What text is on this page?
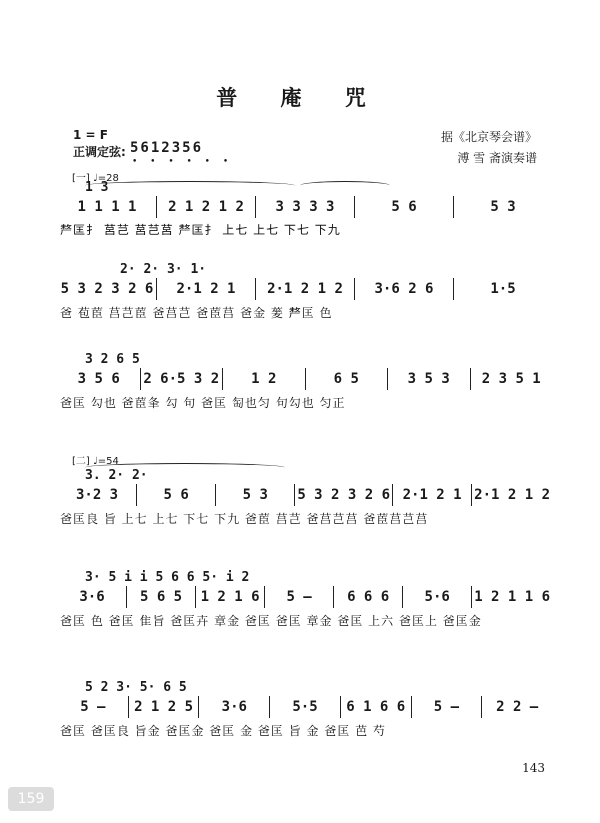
普 庵 咒
1 = F
正调定弦: 5612356
• • • • • •
据《北京琴会谱》
溥 雪 斋演奏谱
[一] ♩=28
[二] ♩=54
1 3
1 1 1 1	2 1 2 1 2	3 3 3 3	5 6	5 3
𠩺匡扌 莒芑 莒芑莒 𠩺匡扌 上七 上七 下七 下九
2· 2· 3· 1·
5 3 2 3 2 6	2·1 2 1	2·1 2 1 2	3·6 2 6	1·5
爸 苞茞 莒芑茞 爸莒芑 爸茞莒 爸金 蓌 𠩺匡 色
3 2 6 5
3 5 6	2 6·5 3 2	1 2	6 5	3 5 3	2 3 5 1
爸匡 勾也 爸茞夆 勾 句 爸匡 匋也匀 句勾也 匀正
3. 2· 2·
3·2 3	5 6	5 3	5 3 2 3 2 6 2·1 2 1 2·1 2 1 2
爸匡良 旨 上七 上七 下七 下九 爸茞 莒芑 爸莒芑莒 爸茞莒芑莒
3· 5 i i 5 6 6 5· i 2
3·6	5 6 5	1 2 1 6	5 —	6 6 6	5·6	1 2 1 1 6
爸匡 色 爸匡 隹旨 爸匡卉 章金 爸匡 爸匡 章金 爸匡 上六 爸匡上 爸匡金
5 2 3· 5· 6 5
5 —	2 1 2 5	3·6	5·5	6 1 6 6	5 —	2 2 —
爸匡 爸匡良 旨金 爸匡金 爸匡 金 爸匡 旨 金 爸匡 芭 芍
143
159
